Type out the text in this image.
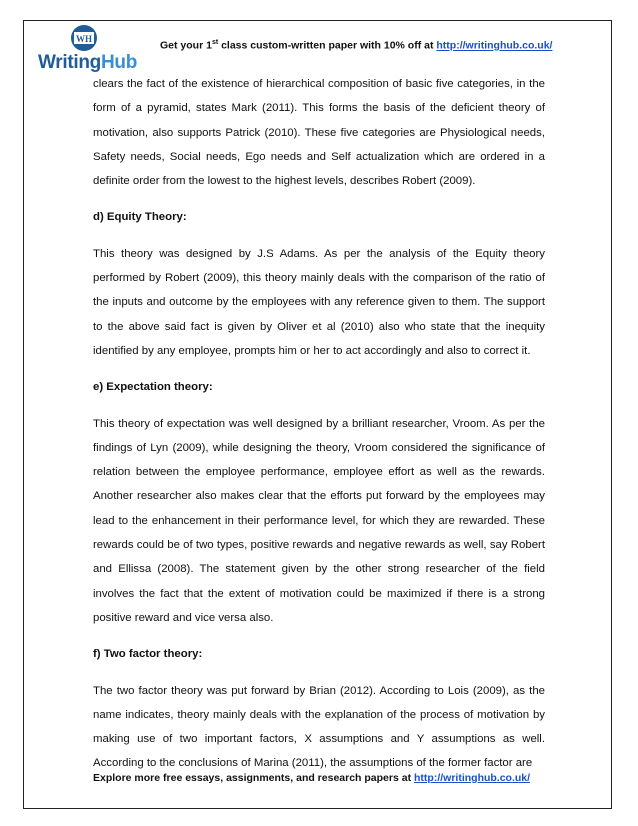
WH
WritingHub
Get your 1st class custom-written paper with 10% off at http://writinghub.co.uk/

clears the fact of the existence of hierarchical composition of basic five categories, in the form of a pyramid, states Mark (2011). This forms the basis of the deficient theory of motivation, also supports Patrick (2010). These five categories are Physiological needs, Safety needs, Social needs, Ego needs and Self actualization which are ordered in a definite order from the lowest to the highest levels, describes Robert (2009).

d) Equity Theory:

This theory was designed by J.S Adams. As per the analysis of the Equity theory performed by Robert (2009), this theory mainly deals with the comparison of the ratio of the inputs and outcome by the employees with any reference given to them. The support to the above said fact is given by Oliver et al (2010) also who state that the inequity identified by any employee, prompts him or her to act accordingly and also to correct it.

e) Expectation theory:

This theory of expectation was well designed by a brilliant researcher, Vroom. As per the findings of Lyn (2009), while designing the theory, Vroom considered the significance of relation between the employee performance, employee effort as well as the rewards. Another researcher also makes clear that the efforts put forward by the employees may lead to the enhancement in their performance level, for which they are rewarded. These rewards could be of two types, positive rewards and negative rewards as well, say Robert and Ellissa (2008). The statement given by the other strong researcher of the field involves the fact that the extent of motivation could be maximized if there is a strong positive reward and vice versa also.

f) Two factor theory:

The two factor theory was put forward by Brian (2012). According to Lois (2009), as the name indicates, theory mainly deals with the explanation of the process of motivation by making use of two important factors, X assumptions and Y assumptions as well. According to the conclusions of Marina (2011), the assumptions of the former factor are

Explore more free essays, assignments, and research papers at http://writinghub.co.uk/
